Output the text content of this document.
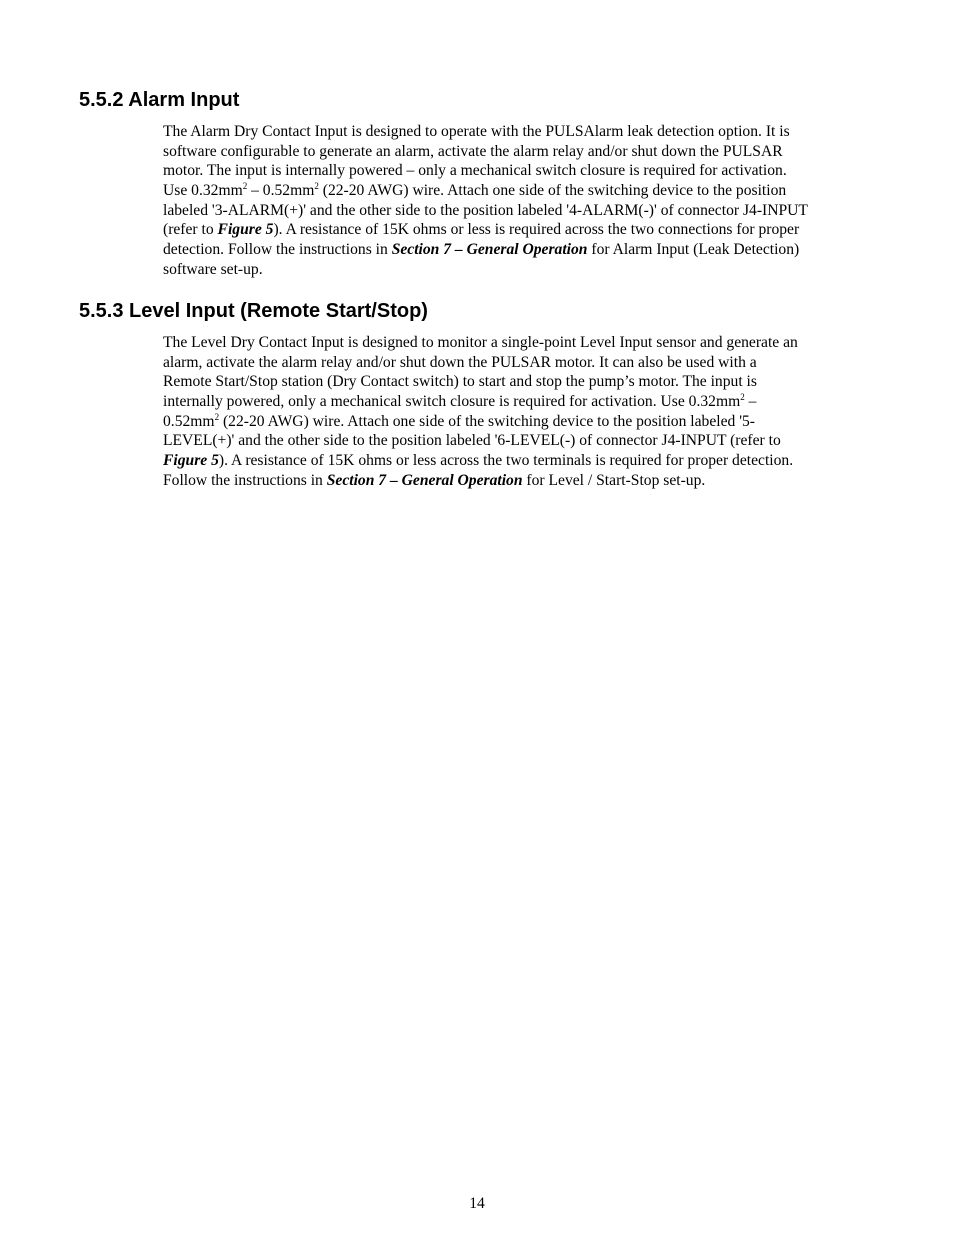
5.5.2 Alarm Input
The Alarm Dry Contact Input is designed to operate with the PULSAlarm leak detection option. It is
software configurable to generate an alarm, activate the alarm relay and/or shut down the PULSAR
motor. The input is internally powered – only a mechanical switch closure is required for activation.
Use $0.32mm^2 - 0.52mm^2$ (22-20 AWG) wire. Attach one side of the switching device to the position
labeled '3-ALARM(+)' and the other side to the position labeled '4-ALARM(-)' of connector J4-INPUT
(refer to Figure 5). A resistance of 15K ohms or less is required across the two connections for proper
detection. Follow the instructions in Section 7 – General Operation for Alarm Input (Leak Detection)
software set-up.
5.5.3 Level Input (Remote Start/Stop)
The Level Dry Contact Input is designed to monitor a single-point Level Input sensor and generate an
alarm, activate the alarm relay and/or shut down the PULSAR motor. It can also be used with a
Remote Start/Stop station (Dry Contact switch) to start and stop the pump’s motor. The input is
internally powered, only a mechanical switch closure is required for activation. Use $0.32mm^2$ –
$0.52mm^2$ (22-20 AWG) wire. Attach one side of the switching device to the position labeled '5-
LEVEL(+)' and the other side to the position labeled '6-LEVEL(-) of connector J4-INPUT (refer to
Figure 5). A resistance of 15K ohms or less across the two terminals is required for proper detection.
Follow the instructions in Section 7 – General Operation for Level / Start-Stop set-up.
14
